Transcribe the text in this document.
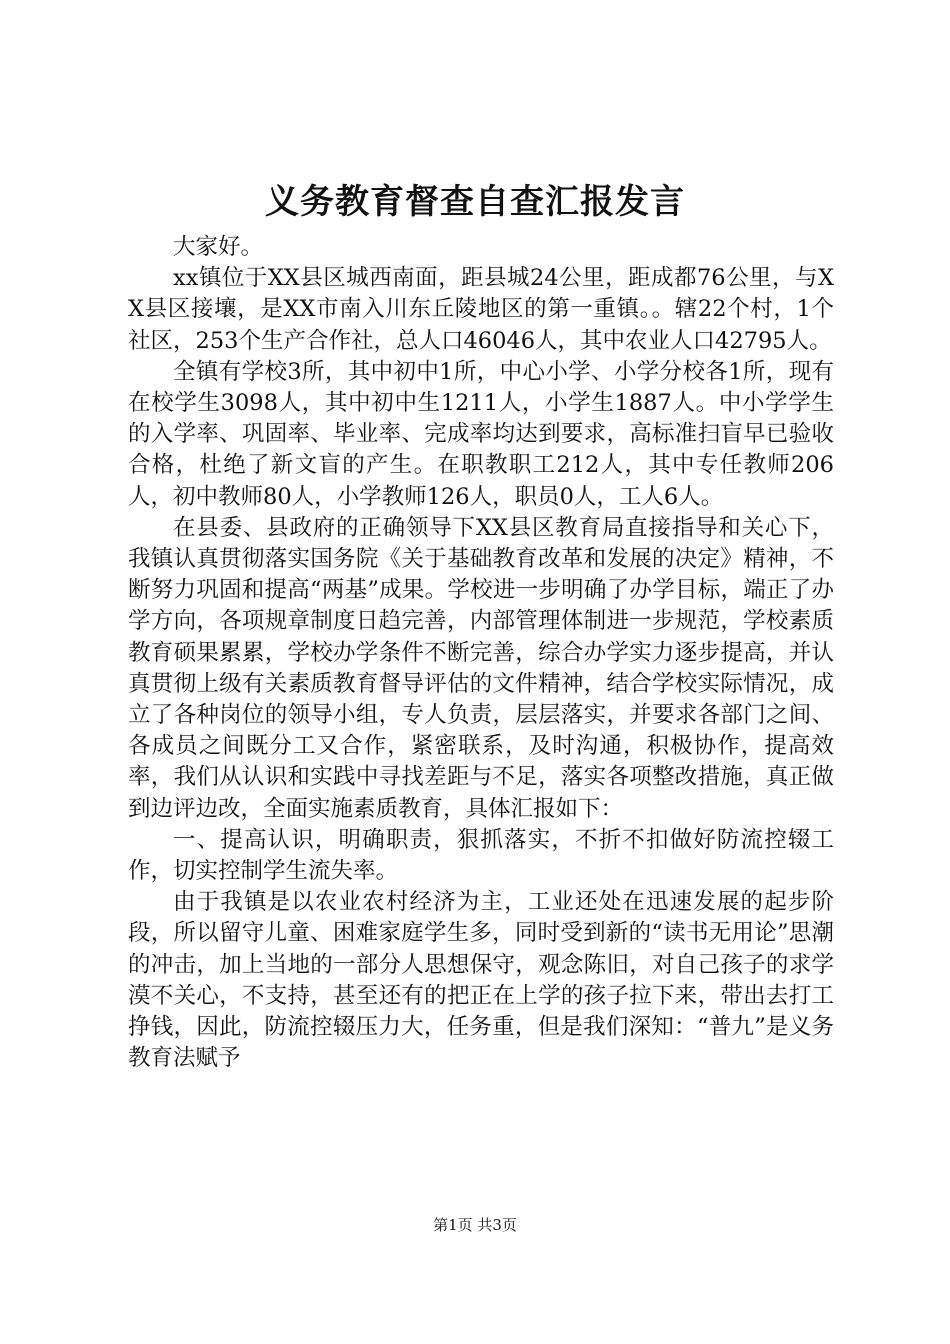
义务教育督查自查汇报发言

大家好。

xx镇位于XX县区城西南面，距县城24公里，距成都76公里，与XX县区接壤，是XX市南入川东丘陵地区的第一重镇。。辖22个村，1个社区，253个生产合作社，总人口46046人，其中农业人口42795人。

全镇有学校3所，其中初中1所，中心小学、小学分校各1所，现有在校学生3098人，其中初中生1211人，小学生1887人。中小学学生的入学率、巩固率、毕业率、完成率均达到要求，高标准扫盲早已验收合格，杜绝了新文盲的产生。在职教职工212人，其中专任教师206人，初中教师80人，小学教师126人，职员0人，工人6人。

在县委、县政府的正确领导下XX县区教育局直接指导和关心下，我镇认真贯彻落实国务院《关于基础教育改革和发展的决定》精神，不断努力巩固和提高“两基”成果。学校进一步明确了办学目标，端正了办学方向，各项规章制度日趋完善，内部管理体制进一步规范，学校素质教育硕果累累，学校办学条件不断完善，综合办学实力逐步提高，并认真贯彻上级有关素质教育督导评估的文件精神，结合学校实际情况，成立了各种岗位的领导小组，专人负责，层层落实，并要求各部门之间、各成员之间既分工又合作，紧密联系，及时沟通，积极协作，提高效率，我们从认识和实践中寻找差距与不足，落实各项整改措施，真正做到边评边改，全面实施素质教育，具体汇报如下：

一、提高认识，明确职责，狠抓落实，不折不扣做好防流控辍工作，切实控制学生流失率。

由于我镇是以农业农村经济为主，工业还处在迅速发展的起步阶段，所以留守儿童、困难家庭学生多，同时受到新的“读书无用论”思潮的冲击，加上当地的一部分人思想保守，观念陈旧，对自己孩子的求学漠不关心，不支持，甚至还有的把正在上学的孩子拉下来，带出去打工挣钱，因此，防流控辍压力大，任务重，但是我们深知：“普九”是义务教育法赋予

第1页 共3页
